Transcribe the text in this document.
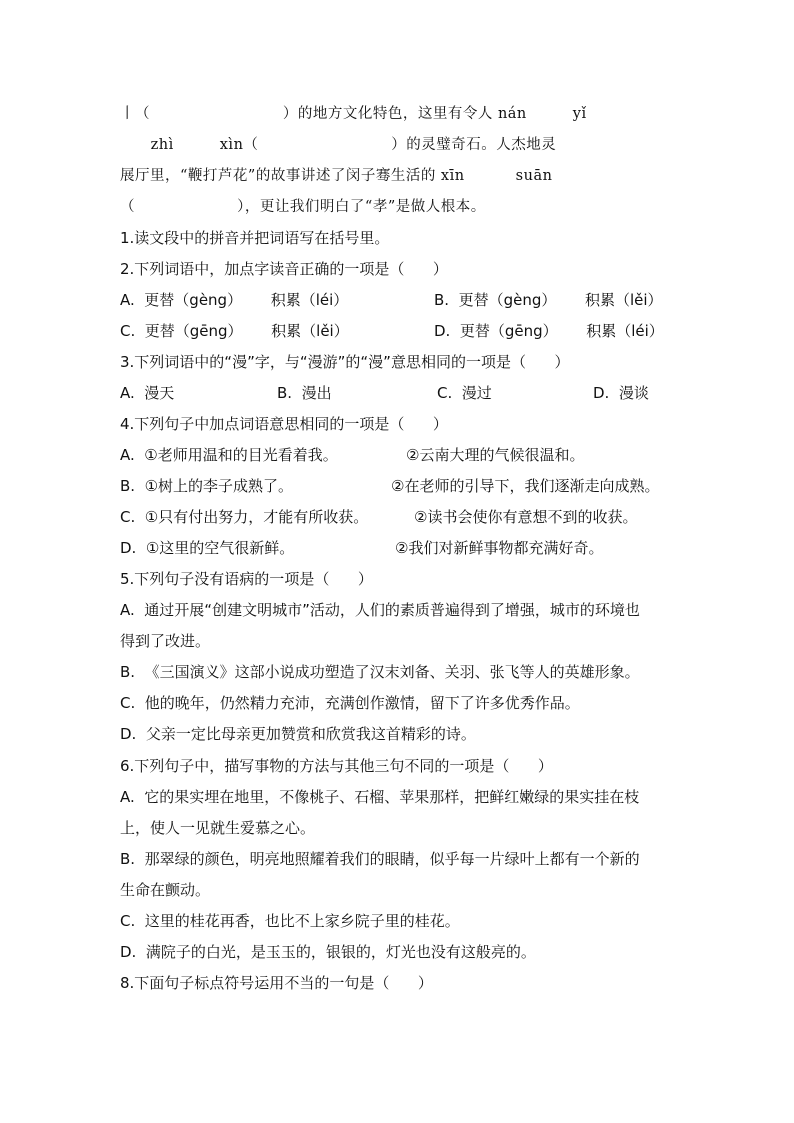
丨（                          ）的地方文化特色，这里有令人 nán         yǐ
zhì         xìn（                          ）的灵璧奇石。人杰地灵
展厅里，“鞭打芦花”的故事讲述了闵子骞生活的 xīn          suān
（                    ），更让我们明白了“孝”是做人根本。
1.读文段中的拼音并把词语写在括号里。
2.下列词语中，加点字读音正确的一项是（      ）
A.  更替（gèng）      积累（léi）	B.  更替（gèng）      积累（lěi）
C.  更替（gēng）      积累（lěi）	D.  更替（gēng）      积累（léi）
3.下列词语中的“漫”字，与“漫游”的“漫”意思相同的一项是（      ）
A.  漫天	B.  漫出	C.  漫过	D.  漫谈
4.下列句子中加点词语意思相同的一项是（      ）
A.  ①老师用温和的目光看着我。	②云南大理的气候很温和。
B.  ①树上的李子成熟了。	②在老师的引导下，我们逐渐走向成熟。
C.  ①只有付出努力，才能有所收获。	②读书会使你有意想不到的收获。
D.  ①这里的空气很新鲜。	②我们对新鲜事物都充满好奇。
5.下列句子没有语病的一项是（      ）
A.  通过开展“创建文明城市”活动，人们的素质普遍得到了增强，城市的环境也
得到了改进。
B.  《三国演义》这部小说成功塑造了汉末刘备、关羽、张飞等人的英雄形象。
C.  他的晚年，仍然精力充沛，充满创作激情，留下了许多优秀作品。
D.  父亲一定比母亲更加赞赏和欣赏我这首精彩的诗。
6.下列句子中，描写事物的方法与其他三句不同的一项是（      ）
A.  它的果实埋在地里，不像桃子、石榴、苹果那样，把鲜红嫩绿的果实挂在枝
上，使人一见就生爱慕之心。
B.  那翠绿的颜色，明亮地照耀着我们的眼睛，似乎每一片绿叶上都有一个新的
生命在颤动。
C.  这里的桂花再香，也比不上家乡院子里的桂花。
D.  满院子的白光，是玉玉的，银银的，灯光也没有这般亮的。
8.下面句子标点符号运用不当的一句是（      ）
